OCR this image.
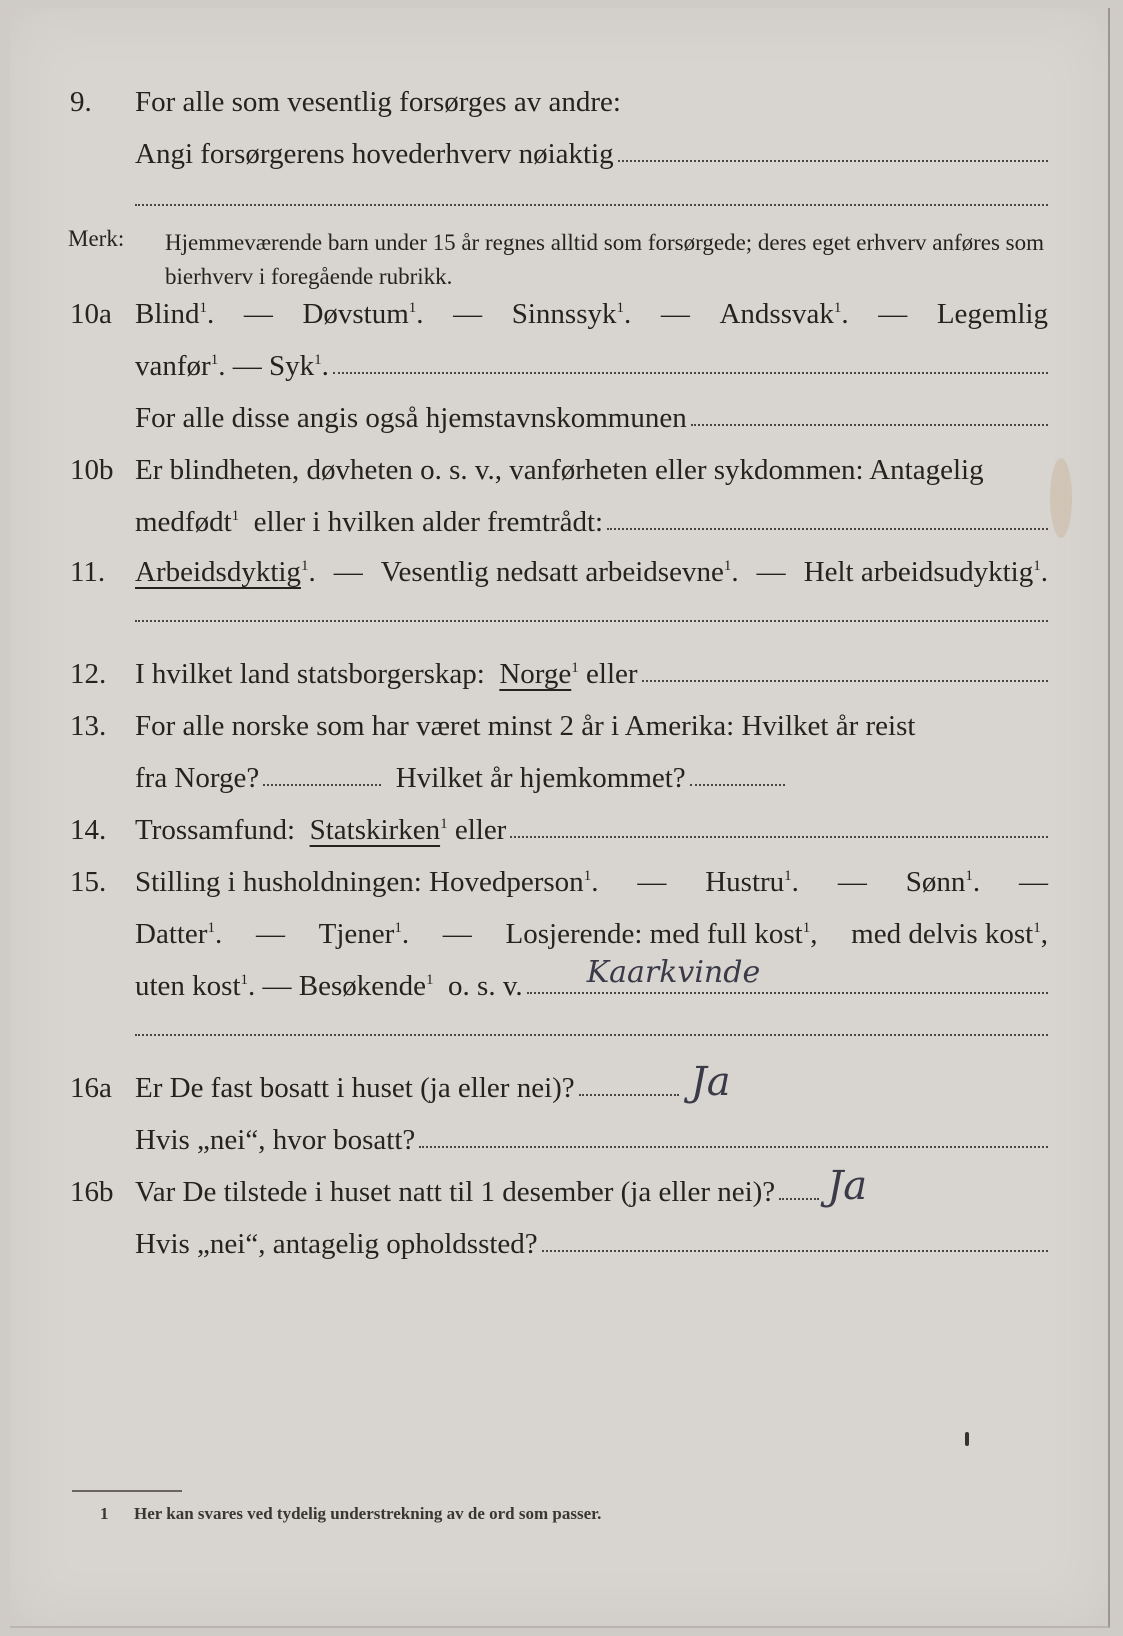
9. For alle som vesentlig forsørges av andre:
Angi forsørgerens hovederhverv nøiaktig
Merk: Hjemmeværende barn under 15 år regnes alltid som forsørgede; deres eget erhverv anføres som bierhverv i foregående rubrikk.
10a Blind$^1$. — Døvstum$^1$. — Sinnssyk$^1$. — Andssvak$^1$. — Legemlig
vanfør$^1$. — Syk$^1$.
For alle disse angis også hjemstavnskommunen
10b Er blindheten, døvheten o. s. v., vanførheten eller sykdommen: Antagelig
medfødt$^1$ eller i hvilken alder fremtrådt:
11. Arbeidsdyktig$^1$. — Vesentlig nedsatt arbeidsevne$^1$. — Helt arbeidsudyktig$^1$.
12. I hvilket land statsborgerskap:
Norge$^1$
eller
13. For alle norske som har været minst 2 år i Amerika: Hvilket år reist
fra Norge?
	Hvilket år hjemkommet?
14. Trossamfund:
Statskirken$^1$
eller
15. Stilling i husholdningen: Hovedperson$^1$. — Hustru$^1$. — Sønn$^1$. —
Datter$^1$. — Tjener$^1$. — Losjerende: med full kost$^1$, med delvis kost$^1$,
uten kost$^1$. — Besøkende$^1$ o. s. v. Kaarkvinde
16a Er De fast bosatt i huset (ja eller nei)?	Ja
Hvis „nei“, hvor bosatt?
16b Var De tilstede i huset natt til 1 desember (ja eller nei)? Ja
Hvis „nei“, antagelig opholdssted?
1 Her kan svares ved tydelig understrekning av de ord som passer.
